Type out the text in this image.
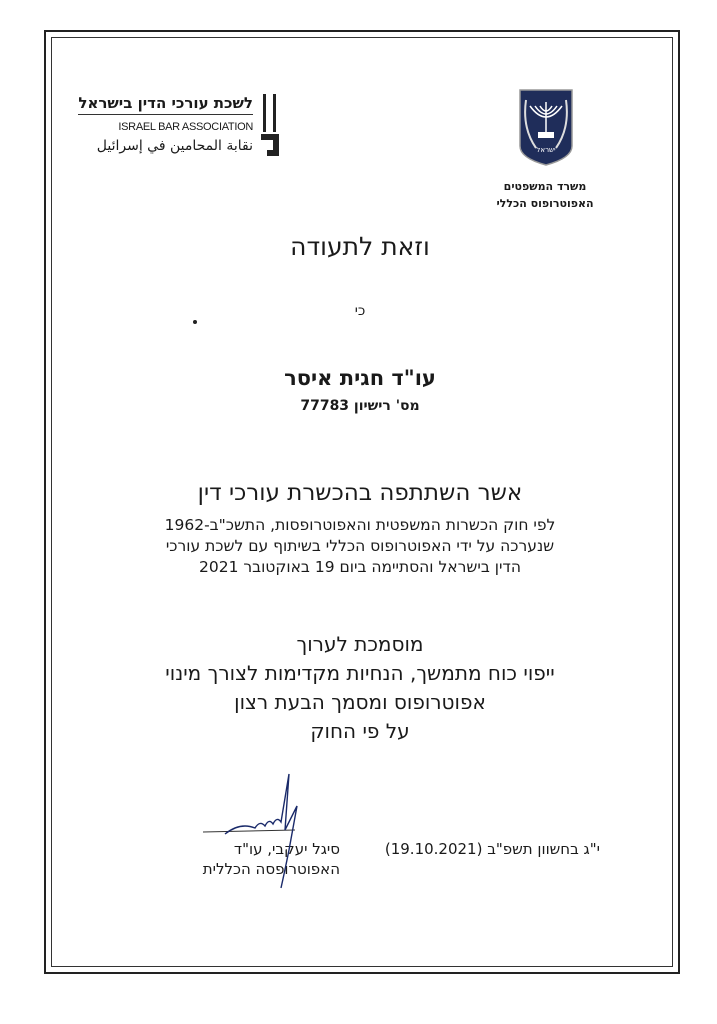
לשכת עורכי הדין בישראל
ISRAEL BAR ASSOCIATION
نقابة المحامين في إسرائيل	ישראל
משרד המשפטים
האפוטרופוס הכללי
וזאת לתעודה
כי
עו"ד חגית איסר
מס' רישיון 77783
אשר השתתפה בהכשרת עורכי דין
לפי חוק הכשרות המשפטית והאפוטרופסות, התשכ"ב-1962
שנערכה על ידי האפוטרופוס הכללי בשיתוף עם לשכת עורכי
הדין בישראל והסתיימה ביום 19 באוקטובר 2021
מוסמכת לערוך
ייפוי כוח מתמשך, הנחיות מקדימות לצורך מינוי
אפוטרופוס ומסמך הבעת רצון
על פי החוק
י"ג בחשוון תשפ"ב (19.10.2021)
סיגל יעקבי, עו"ד
האפוטרופסה הכללית
